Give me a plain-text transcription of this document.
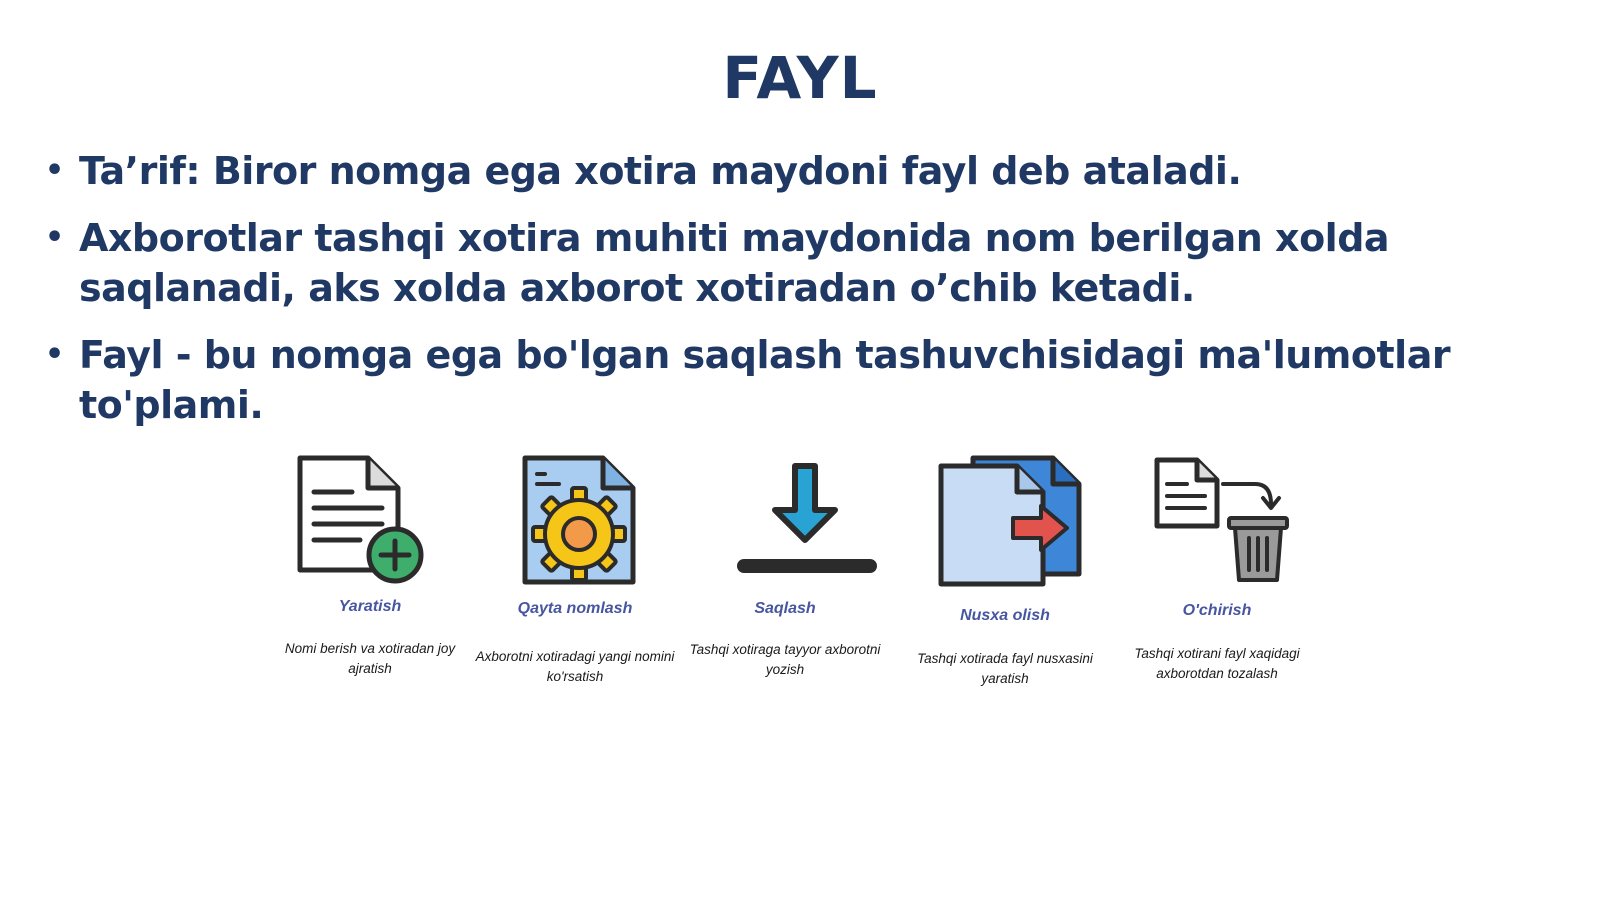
FAYL
• Ta’rif: Biror nomga ega xotira maydoni fayl deb ataladi.
• Axborotlar tashqi xotira muhiti maydonida nom berilgan xolda saqlanadi, aks xolda axborot xotiradan o’chib ketadi.
• Fayl - bu nomga ega bo'lgan saqlash tashuvchisidagi ma'lumotlar to'plami.
Yaratish
Nomi berish va xotiradan joy ajratish
Qayta nomlash
Axborotni xotiradagi yangi nomini ko'rsatish
Saqlash
Tashqi xotiraga tayyor axborotni yozish
Nusxa olish
Tashqi xotirada fayl nusxasini yaratish
O'chirish
Tashqi xotirani fayl xaqidagi axborotdan tozalash
